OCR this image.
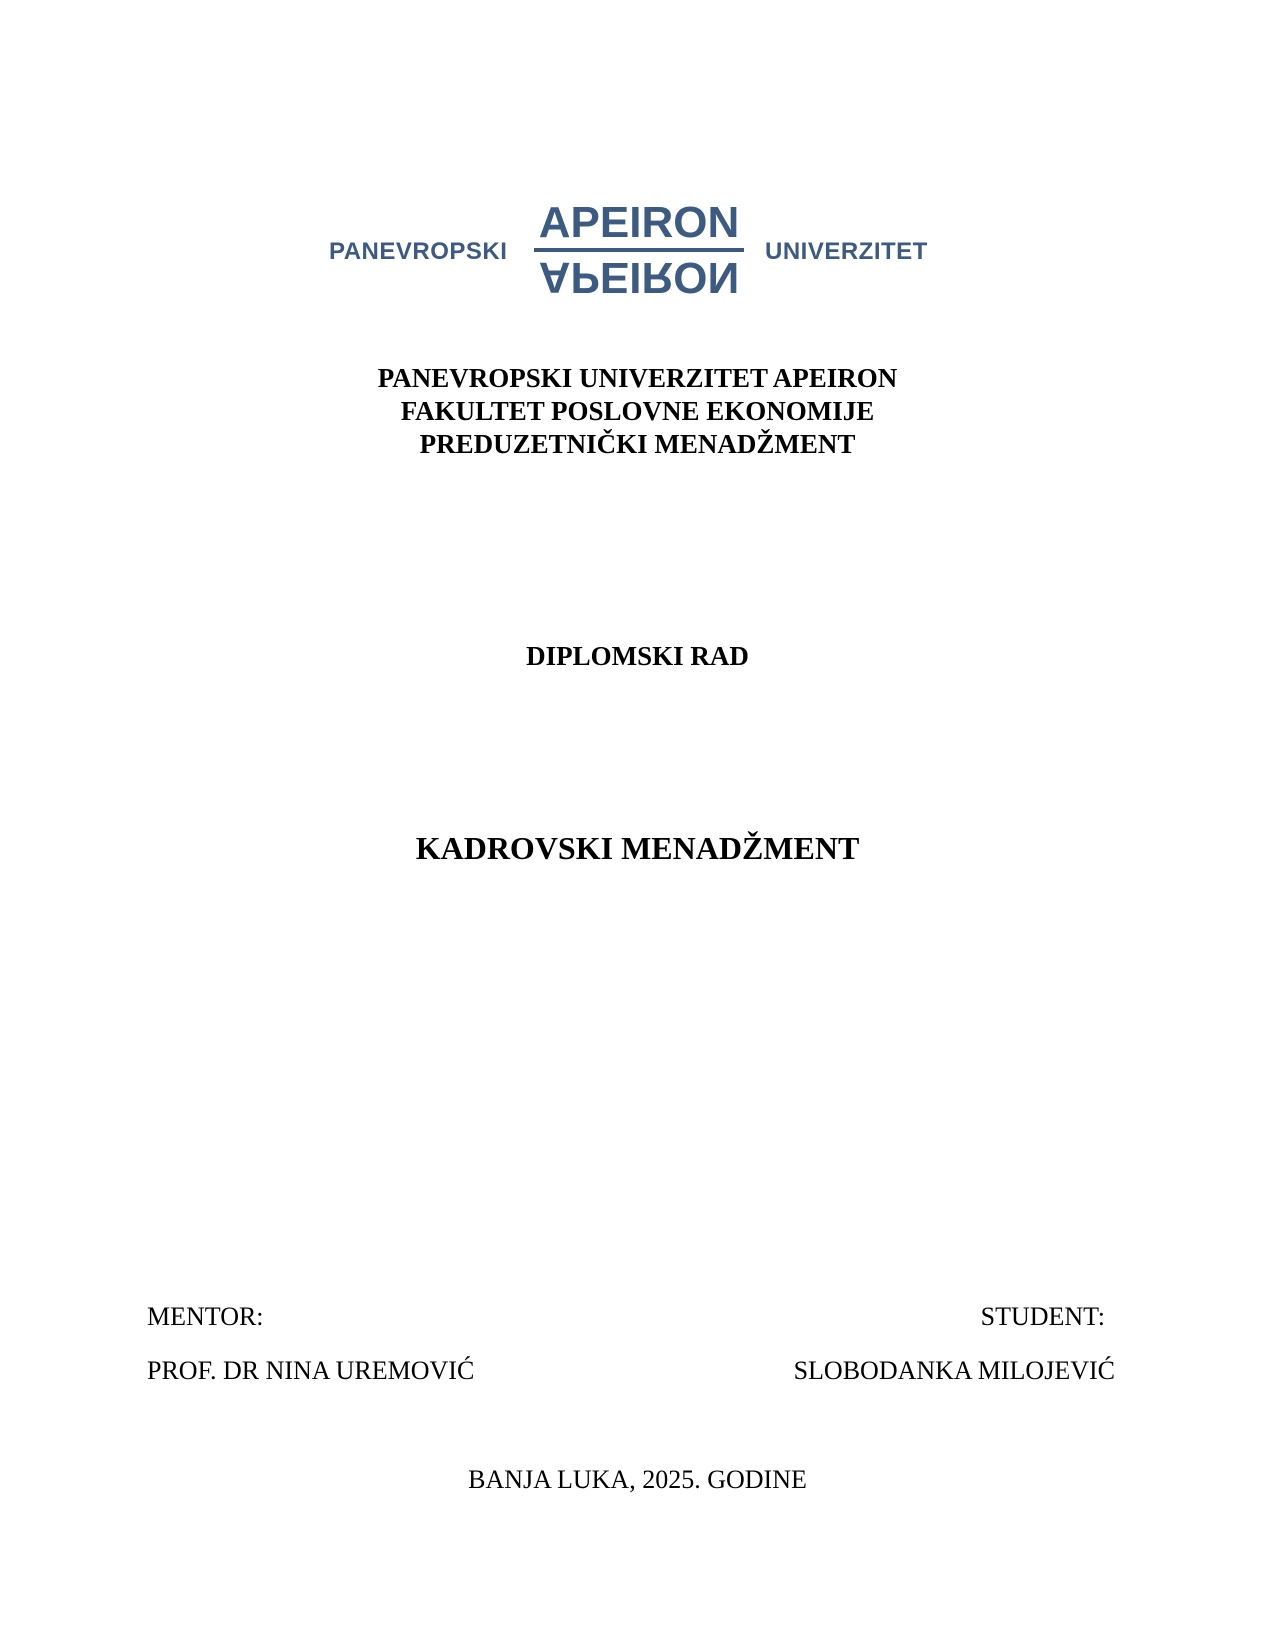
PANEVROPSKI
APEIRON
APEIRON
UNIVERZITET
PANEVROPSKI UNIVERZITET APEIRON
FAKULTET POSLOVNE EKONOMIJE
PREDUZETNIČKI MENADŽMENT
DIPLOMSKI RAD
KADROVSKI MENADŽMENT
MENTOR:	STUDENT:
PROF. DR NINA UREMOVIĆ	SLOBODANKA MILOJEVIĆ
BANJA LUKA, 2025. GODINE
